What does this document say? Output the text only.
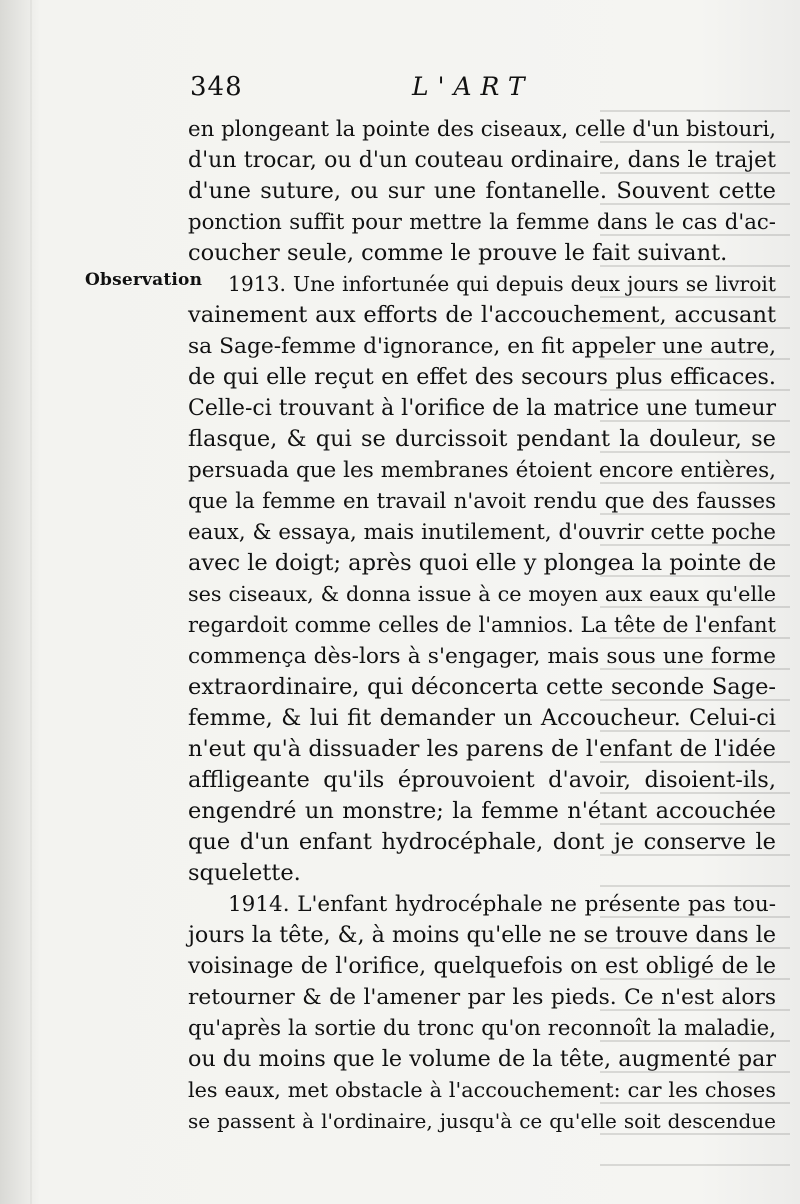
348	L'ART
Observation
en plongeant la pointe des ciseaux, celle d'un bistouri,
d'un trocar, ou d'un couteau ordinaire, dans le trajet
d'une suture, ou sur une fontanelle. Souvent cette
ponction suffit pour mettre la femme dans le cas d'ac-
coucher seule, comme le prouve le fait suivant.
1913. Une infortunée qui depuis deux jours se livroit
vainement aux efforts de l'accouchement, accusant
sa Sage-femme d'ignorance, en fit appeler une autre,
de qui elle reçut en effet des secours plus efficaces.
Celle-ci trouvant à l'orifice de la matrice une tumeur
flasque, & qui se durcissoit pendant la douleur, se
persuada que les membranes étoient encore entières,
que la femme en travail n'avoit rendu que des fausses
eaux, & essaya, mais inutilement, d'ouvrir cette poche
avec le doigt; après quoi elle y plongea la pointe de
ses ciseaux, & donna issue à ce moyen aux eaux qu'elle
regardoit comme celles de l'amnios. La tête de l'enfant
commença dès-lors à s'engager, mais sous une forme
extraordinaire, qui déconcerta cette seconde Sage-
femme, & lui fit demander un Accoucheur. Celui-ci
n'eut qu'à dissuader les parens de l'enfant de l'idée
affligeante qu'ils éprouvoient d'avoir, disoient-ils,
engendré un monstre; la femme n'étant accouchée
que d'un enfant hydrocéphale, dont je conserve le
squelette.
1914. L'enfant hydrocéphale ne présente pas tou-
jours la tête, &, à moins qu'elle ne se trouve dans le
voisinage de l'orifice, quelquefois on est obligé de le
retourner & de l'amener par les pieds. Ce n'est alors
qu'après la sortie du tronc qu'on reconnoît la maladie,
ou du moins que le volume de la tête, augmenté par
les eaux, met obstacle à l'accouchement: car les choses
se passent à l'ordinaire, jusqu'à ce qu'elle soit descendue
